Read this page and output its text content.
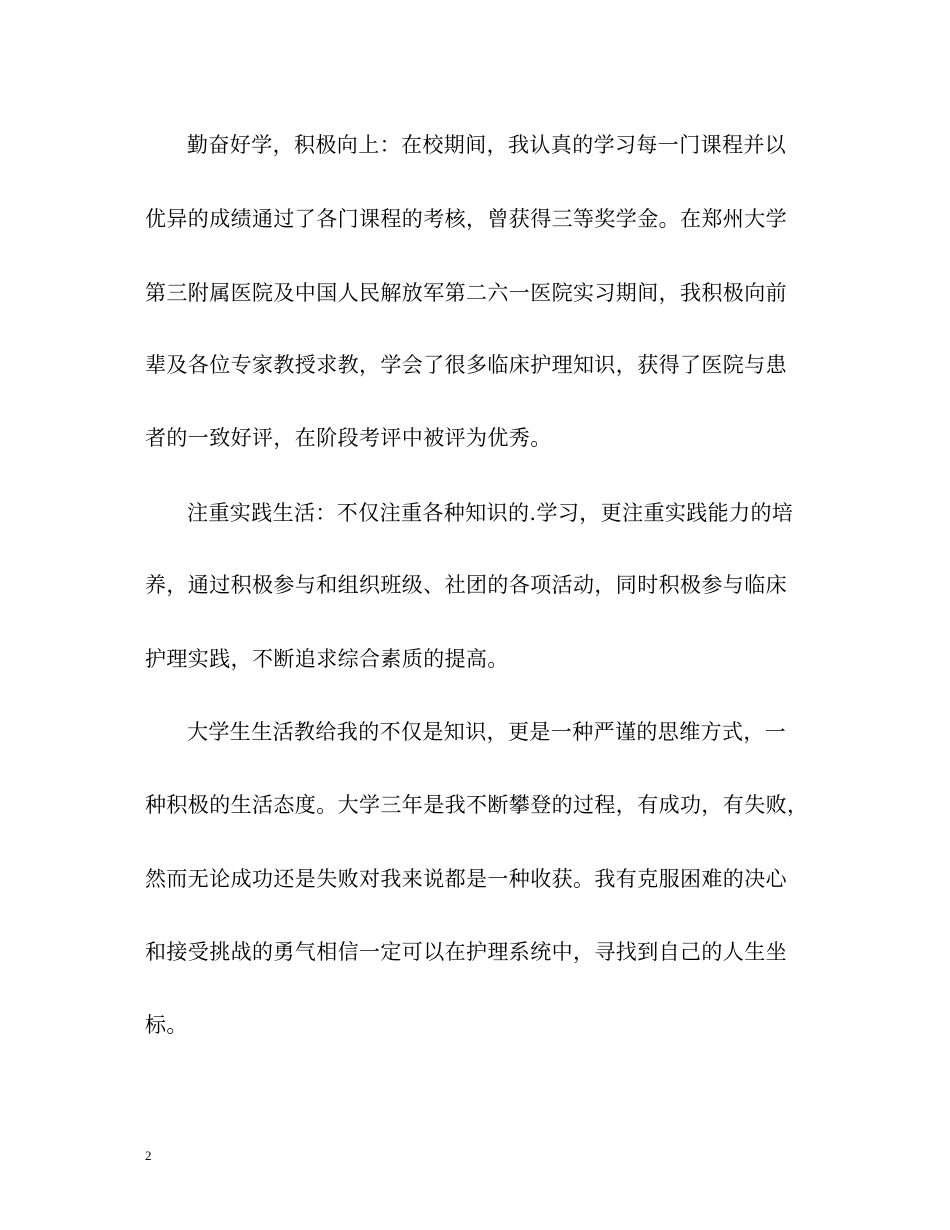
勤奋好学，积极向上：在校期间，我认真的学习每一门课程并以
优异的成绩通过了各门课程的考核，曾获得三等奖学金。在郑州大学
第三附属医院及中国人民解放军第二六一医院实习期间，我积极向前
辈及各位专家教授求教，学会了很多临床护理知识，获得了医院与患
者的一致好评，在阶段考评中被评为优秀。
注重实践生活：不仅注重各种知识的.学习，更注重实践能力的培
养，通过积极参与和组织班级、社团的各项活动，同时积极参与临床
护理实践，不断追求综合素质的提高。
大学生生活教给我的不仅是知识，更是一种严谨的思维方式，一
种积极的生活态度。大学三年是我不断攀登的过程，有成功，有失败，
然而无论成功还是失败对我来说都是一种收获。我有克服困难的决心
和接受挑战的勇气相信一定可以在护理系统中，寻找到自己的人生坐
标。
2
